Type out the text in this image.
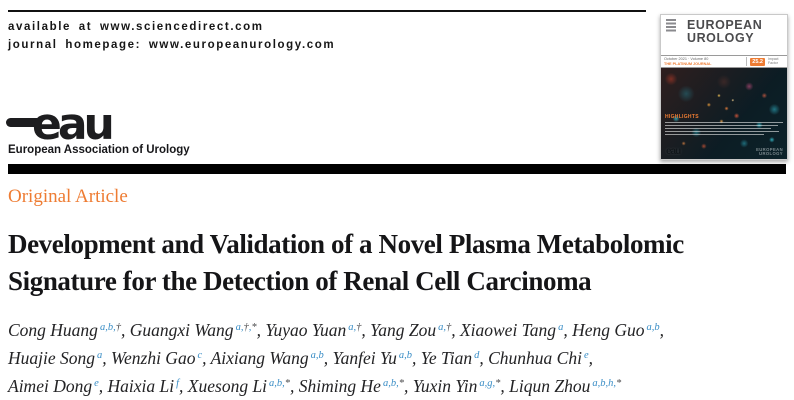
available at www.sciencedirect.com
journal homepage: www.europeanurology.com
eau
European Association of Urology
EUROPEAN
UROLOGY
October 2021 · Volume 80
THE PLATINUM JOURNAL	25.2	Impact Factor
HIGHLIGHTS
eau	EUROPEAN
UROLOGY
Original Article
Development and Validation of a Novel Plasma Metabolomic
Signature for the Detection of Renal Cell Carcinoma
Cong Huang $^{a,b,\dagger}$, Guangxi Wang $^{a,\dagger,*}$, Yuyao Yuan $^{a,\dagger}$, Yang Zou $^{a,\dagger}$, Xiaowei Tang $^a$, Heng Guo $^{a,b}$,
Huajie Song $^a$, Wenzhi Gao $^c$, Aixiang Wang $^{a,b}$, Yanfei Yu $^{a,b}$, Ye Tian $^d$, Chunhua Chi $^e$,
Aimei Dong $^e$, Haixia Li $^f$, Xuesong Li $^{a,b,*}$, Shiming He $^{a,b,*}$, Yuxin Yin $^{a,g,*}$, Liqun Zhou $^{a,b,h,*}$
